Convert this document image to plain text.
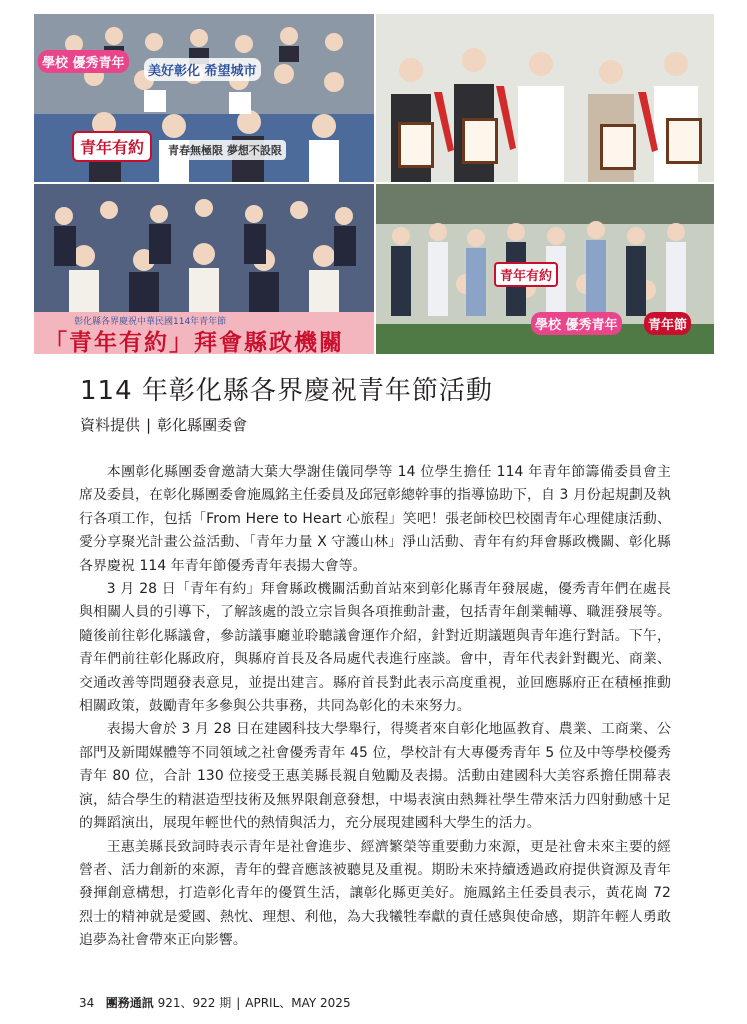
學校 優秀青年
美好彰化 希望城市
青年有約	青春無極限 夢想不設限
彰化縣各界慶祝中華民國114年青年節
「青年有約」拜會縣政機關
青年有約
學校 優秀青年	青年節
114 年彰化縣各界慶祝青年節活動
資料提供 | 彰化縣團委會

本團彰化縣團委會邀請大葉大學謝佳儀同學等 14 位學生擔任 114 年青年節籌備委員會主席及委員，在彰化縣團委會施鳳銘主任委員及邱冠彰總幹事的指導協助下，自 3 月份起規劃及執行各項工作，包括「From Here to Heart 心旅程」笑吧！張老師校巴校園青年心理健康活動、愛分享聚光計畫公益活動、「青年力量 X 守護山林」淨山活動、青年有約拜會縣政機關、彰化縣各界慶祝 114 年青年節優秀青年表揚大會等。

3 月 28 日「青年有約」拜會縣政機關活動首站來到彰化縣青年發展處，優秀青年們在處長與相關人員的引導下，了解該處的設立宗旨與各項推動計畫，包括青年創業輔導、職涯發展等。隨後前往彰化縣議會，參訪議事廳並聆聽議會運作介紹，針對近期議題與青年進行對話。下午，青年們前往彰化縣政府，與縣府首長及各局處代表進行座談。會中，青年代表針對觀光、商業、交通改善等問題發表意見，並提出建言。縣府首長對此表示高度重視，並回應縣府正在積極推動相關政策，鼓勵青年多參與公共事務，共同為彰化的未來努力。

表揚大會於 3 月 28 日在建國科技大學舉行，得獎者來自彰化地區教育、農業、工商業、公部門及新聞媒體等不同領域之社會優秀青年 45 位，學校計有大專優秀青年 5 位及中等學校優秀青年 80 位，合計 130 位接受王惠美縣長親自勉勵及表揚。活動由建國科大美容系擔任開幕表演，結合學生的精湛造型技術及無界限創意發想，中場表演由熱舞社學生帶來活力四射動感十足的舞蹈演出，展現年輕世代的熱情與活力，充分展現建國科大學生的活力。

王惠美縣長致詞時表示青年是社會進步、經濟繁榮等重要動力來源，更是社會未來主要的經營者、活力創新的來源，青年的聲音應該被聽見及重視。期盼未來持續透過政府提供資源及青年發揮創意構想，打造彰化青年的優質生活，讓彰化縣更美好。施鳳銘主任委員表示，黃花崗 72 烈士的精神就是愛國、熱忱、理想、利他，為大我犧牲奉獻的責任感與使命感，期許年輕人勇敢追夢為社會帶來正向影響。

34 團務通訊 921、922 期 | APRIL、MAY 2025
